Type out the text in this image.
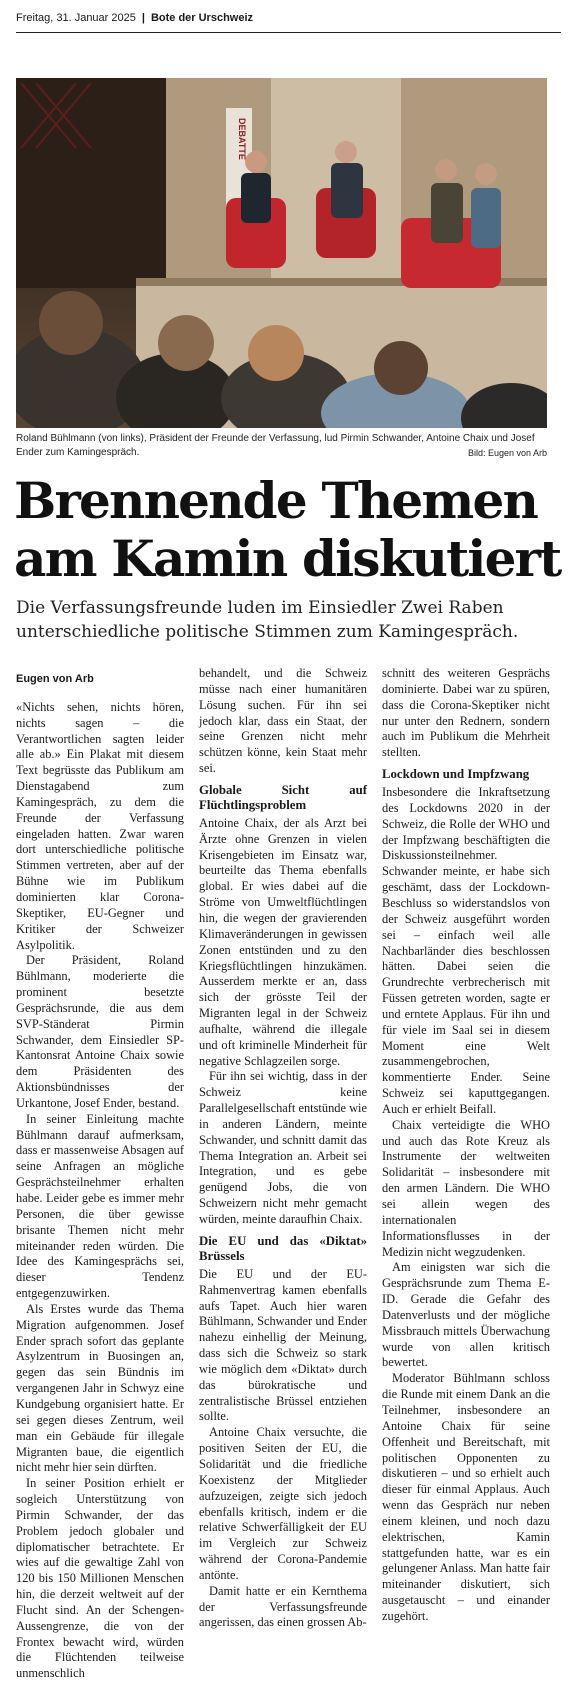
Freitag, 31. Januar 2025 | Bote der Urschweiz
DEBATTE
Roland Bühlmann (von links), Präsident der Freunde der Verfassung, lud Pirmin Schwander, Antoine Chaix und Josef Ender zum Kamingespräch.	Bild: Eugen von Arb
Brennende Themen am Kamin diskutiert

Die Verfassungsfreunde luden im Einsiedler Zwei Raben unterschiedliche politische Stimmen zum Kamingespräch.

Eugen von Arb

«Nichts sehen, nichts hören, nichts sagen – die Verantwortlichen sagten leider alle ab.» Ein Plakat mit diesem Text begrüsste das Publikum am Dienstagabend zum Kamingespräch, zu dem die Freunde der Verfassung eingeladen hatten. Zwar waren dort unterschiedliche politische Stimmen vertreten, aber auf der Bühne wie im Publikum dominierten klar Corona-Skeptiker, EU-Gegner und Kritiker der Schweizer Asylpolitik.

Der Präsident, Roland Bühlmann, moderierte die prominent besetzte Gesprächsrunde, die aus dem SVP-Ständerat Pirmin Schwander, dem Einsiedler SP-Kantonsrat Antoine Chaix sowie dem Präsidenten des Aktionsbündnisses der Urkantone, Josef Ender, bestand.

In seiner Einleitung machte Bühlmann darauf aufmerksam, dass er massenweise Absagen auf seine Anfragen an mögliche Gesprächsteilnehmer erhalten habe. Leider gebe es immer mehr Personen, die über gewisse brisante Themen nicht mehr miteinander reden würden. Die Idee des Kamingesprächs sei, dieser Tendenz entgegenzuwirken.

Als Erstes wurde das Thema Migration aufgenommen. Josef Ender sprach sofort das geplante Asylzentrum in Buosingen an, gegen das sein Bündnis im vergangenen Jahr in Schwyz eine Kundgebung organisiert hatte. Er sei gegen dieses Zentrum, weil man ein Gebäude für illegale Migranten baue, die eigentlich nicht mehr hier sein dürften.

In seiner Position erhielt er sogleich Unterstützung von Pirmin Schwander, der das Problem jedoch globaler und diplomatischer betrachtete. Er wies auf die gewaltige Zahl von 120 bis 150 Millionen Menschen hin, die derzeit weltweit auf der Flucht sind. An der Schengen-Aussengrenze, die von der Frontex bewacht wird, würden die Flüchtenden teilweise unmenschlich

behandelt, und die Schweiz müsse nach einer humanitären Lösung suchen. Für ihn sei jedoch klar, dass ein Staat, der seine Grenzen nicht mehr schützen könne, kein Staat mehr sei.

Globale Sicht auf Flüchtlingsproblem

Antoine Chaix, der als Arzt bei Ärzte ohne Grenzen in vielen Krisengebieten im Einsatz war, beurteilte das Thema ebenfalls global. Er wies dabei auf die Ströme von Umweltflüchtlingen hin, die wegen der gravierenden Klimaveränderungen in gewissen Zonen entstünden und zu den Kriegsflüchtlingen hinzukämen. Ausserdem merkte er an, dass sich der grösste Teil der Migranten legal in der Schweiz aufhalte, während die illegale und oft kriminelle Minderheit für negative Schlagzeilen sorge.

Für ihn sei wichtig, dass in der Schweiz keine Parallelgesellschaft entstünde wie in anderen Ländern, meinte Schwander, und schnitt damit das Thema Integration an. Arbeit sei Integration, und es gebe genügend Jobs, die von Schweizern nicht mehr gemacht würden, meinte daraufhin Chaix.

Die EU und das «Diktat» Brüssels

Die EU und der EU-Rahmenvertrag kamen ebenfalls aufs Tapet. Auch hier waren Bühlmann, Schwander und Ender nahezu einhellig der Meinung, dass sich die Schweiz so stark wie möglich dem «Diktat» durch das bürokratische und zentralistische Brüssel entziehen sollte.

Antoine Chaix versuchte, die positiven Seiten der EU, die Solidarität und die friedliche Koexistenz der Mitglieder aufzuzeigen, zeigte sich jedoch ebenfalls kritisch, indem er die relative Schwerfälligkeit der EU im Vergleich zur Schweiz während der Corona-Pandemie antönte.

Damit hatte er ein Kernthema der Verfassungsfreunde angerissen, das einen grossen Ab-

schnitt des weiteren Gesprächs dominierte. Dabei war zu spüren, dass die Corona-Skeptiker nicht nur unter den Rednern, sondern auch im Publikum die Mehrheit stellten.

Lockdown und Impfzwang

Insbesondere die Inkraftsetzung des Lockdowns 2020 in der Schweiz, die Rolle der WHO und der Impfzwang beschäftigten die Diskussionsteilnehmer. Schwander meinte, er habe sich geschämt, dass der Lockdown-Beschluss so widerstandslos von der Schweiz ausgeführt worden sei – einfach weil alle Nachbarländer dies beschlossen hätten. Dabei seien die Grundrechte verbrecherisch mit Füssen getreten worden, sagte er und erntete Applaus. Für ihn und für viele im Saal sei in diesem Moment eine Welt zusammengebrochen, kommentierte Ender. Seine Schweiz sei kaputtgegangen. Auch er erhielt Beifall.

Chaix verteidigte die WHO und auch das Rote Kreuz als Instrumente der weltweiten Solidarität – insbesondere mit den armen Ländern. Die WHO sei allein wegen des internationalen Informationsflusses in der Medizin nicht wegzudenken.

Am einigsten war sich die Gesprächsrunde zum Thema E-ID. Gerade die Gefahr des Datenverlusts und der mögliche Missbrauch mittels Überwachung wurde von allen kritisch bewertet.

Moderator Bühlmann schloss die Runde mit einem Dank an die Teilnehmer, insbesondere an Antoine Chaix für seine Offenheit und Bereitschaft, mit politischen Opponenten zu diskutieren – und so erhielt auch dieser für einmal Applaus. Auch wenn das Gespräch nur neben einem kleinen, und noch dazu elektrischen, Kamin stattgefunden hatte, war es ein gelungener Anlass. Man hatte fair miteinander diskutiert, sich ausgetauscht – und einander zugehört.
